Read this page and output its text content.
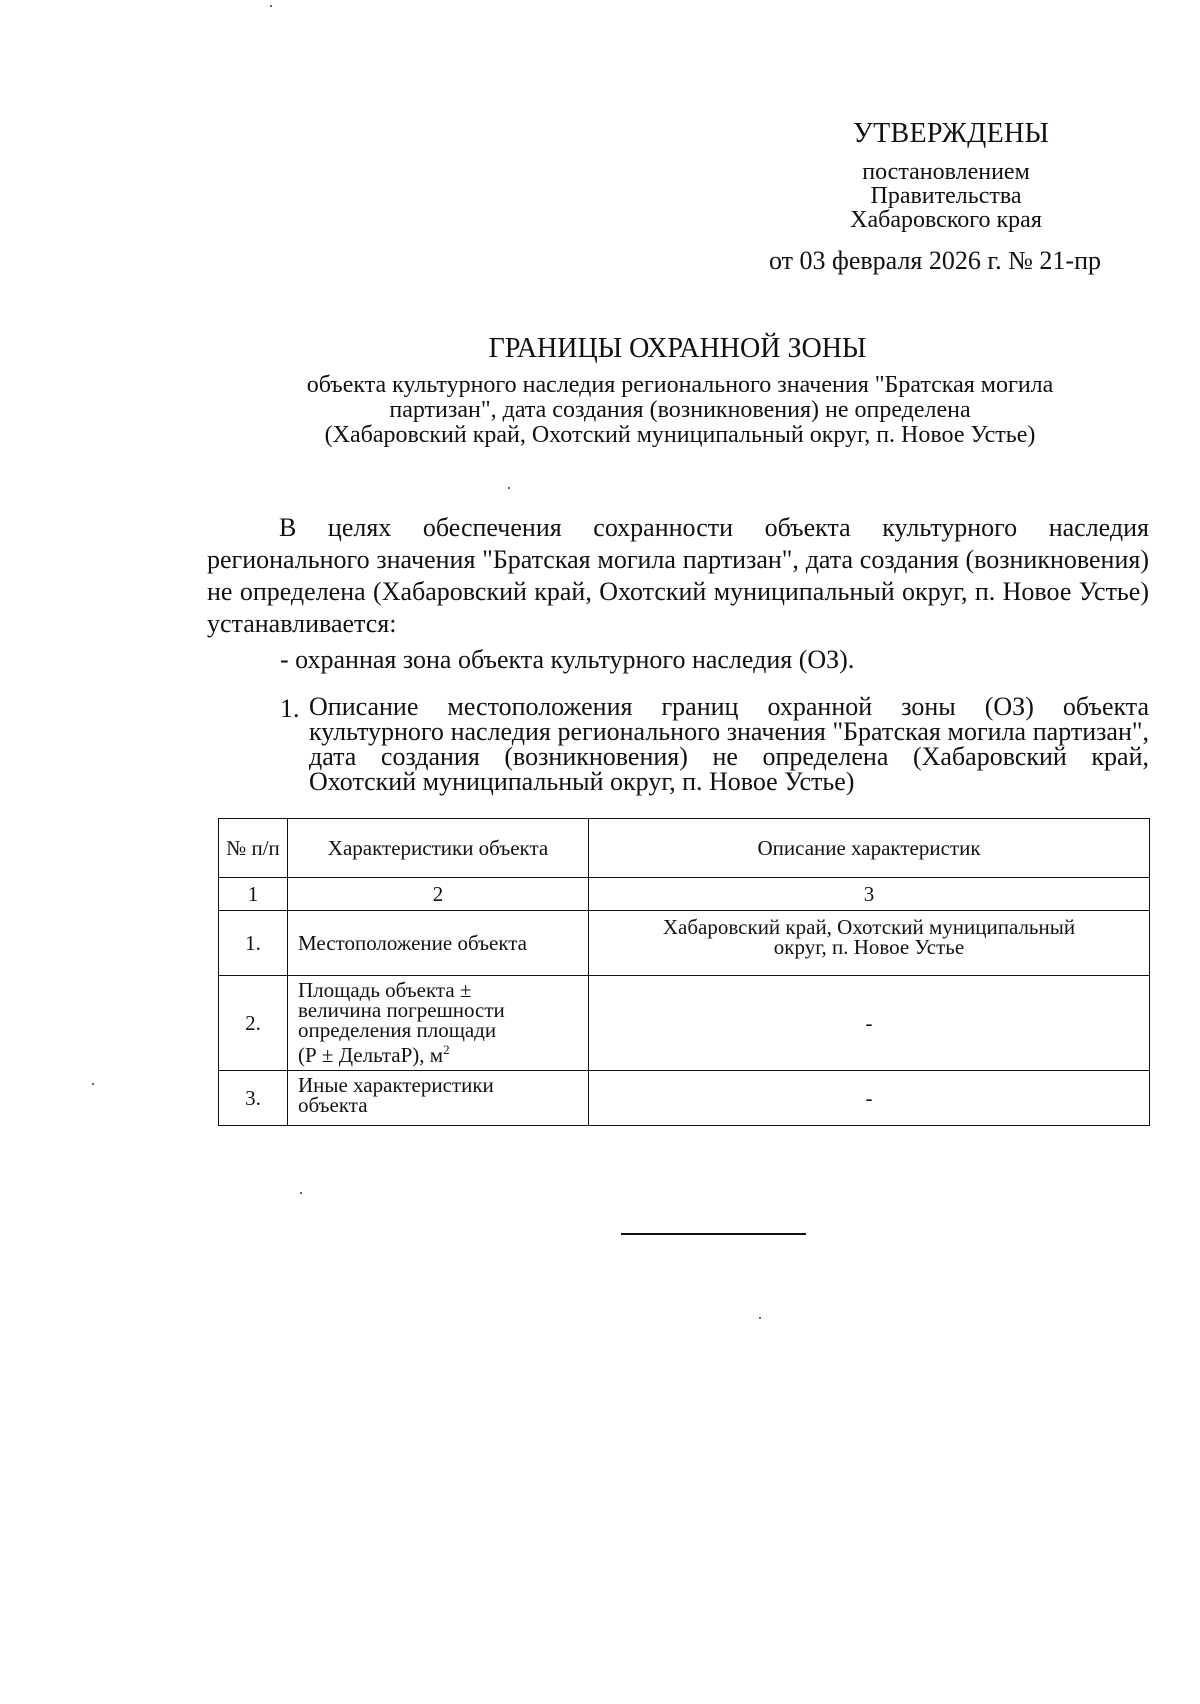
УТВЕРЖДЕНЫ
постановлением
Правительства
Хабаровского края
от 03 февраля 2026 г. № 21-пр
ГРАНИЦЫ ОХРАННОЙ ЗОНЫ
объекта культурного наследия регионального значения "Братская могила
партизан", дата создания (возникновения) не определена
(Хабаровский край, Охотский муниципальный округ, п. Новое Устье)
В целях обеспечения сохранности объекта культурного наследия регионального значения "Братская могила партизан", дата создания (возникновения) не определена (Хабаровский край, Охотский муниципальный округ, п. Новое Устье) устанавливается:
- охранная зона объекта культурного наследия (ОЗ).
1. Описание местоположения границ охранной зоны (ОЗ) объекта культурного наследия регионального значения "Братская могила партизан", дата создания (возникновения) не определена (Хабаровский край, Охотский муниципальный округ, п. Новое Устье)
№ п/п	Характеристики объекта	Описание характеристик
1	2	3
1.	Местоположение объекта	Хабаровский край, Охотский муниципальный
округ, п. Новое Устье

2.	Площадь объекта ±
величина погрешности
определения площади
(Р ± ДельтаР), $м^2$	-
3.	Иные характеристики
объекта	-
